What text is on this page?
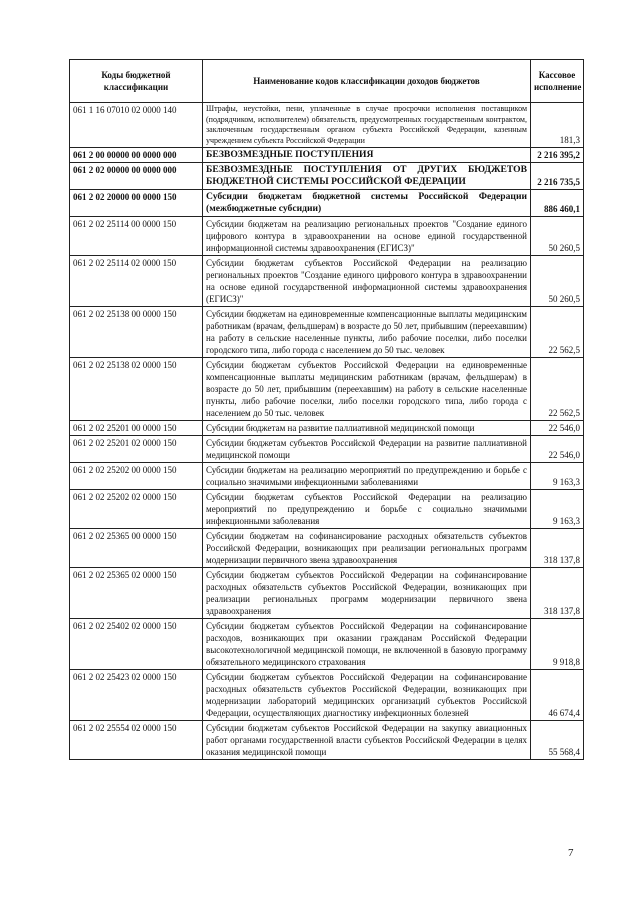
Коды бюджетной классификации	Наименование кодов классификации доходов бюджетов	Кассовое исполнение
061 1 16 07010 02 0000 140	Штрафы, неустойки, пени, уплаченные в случае просрочки исполнения поставщиком (подрядчиком, исполнителем) обязательств, предусмотренных государственным контрактом, заключенным государственным органом субъекта Российской Федерации, казенным учреждением субъекта Российской Федерации	181,3
061 2 00 00000 00 0000 000	БЕЗВОЗМЕЗДНЫЕ ПОСТУПЛЕНИЯ	2 216 395,2
061 2 02 00000 00 0000 000	БЕЗВОЗМЕЗДНЫЕ ПОСТУПЛЕНИЯ ОТ ДРУГИХ БЮДЖЕТОВ БЮДЖЕТНОЙ СИСТЕМЫ РОССИЙСКОЙ ФЕДЕРАЦИИ	2 216 735,5
061 2 02 20000 00 0000 150	Субсидии бюджетам бюджетной системы Российской Федерации (межбюджетные субсидии)	886 460,1
061 2 02 25114 00 0000 150	Субсидии бюджетам на реализацию региональных проектов "Создание единого цифрового контура в здравоохранении на основе единой государственной информационной системы здравоохранения (ЕГИСЗ)"	50 260,5
061 2 02 25114 02 0000 150	Субсидии бюджетам субъектов Российской Федерации на реализацию региональных проектов "Создание единого цифрового контура в здравоохранении на основе единой государственной информационной системы здравоохранения (ЕГИСЗ)"	50 260,5
061 2 02 25138 00 0000 150	Субсидии бюджетам на единовременные компенсационные выплаты медицинским работникам (врачам, фельдшерам) в возрасте до 50 лет, прибывшим (переехавшим) на работу в сельские населенные пункты, либо рабочие поселки, либо поселки городского типа, либо города с населением до 50 тыс. человек	22 562,5
061 2 02 25138 02 0000 150	Субсидии бюджетам субъектов Российской Федерации на единовременные компенсационные выплаты медицинским работникам (врачам, фельдшерам) в возрасте до 50 лет, прибывшим (переехавшим) на работу в сельские населенные пункты, либо рабочие поселки, либо поселки городского типа, либо города с населением до 50 тыс. человек	22 562,5
061 2 02 25201 00 0000 150	Субсидии бюджетам на развитие паллиативной медицинской помощи	22 546,0
061 2 02 25201 02 0000 150	Субсидии бюджетам субъектов Российской Федерации на развитие паллиативной медицинской помощи	22 546,0
061 2 02 25202 00 0000 150	Субсидии бюджетам на реализацию мероприятий по предупреждению и борьбе с социально значимыми инфекционными заболеваниями	9 163,3
061 2 02 25202 02 0000 150	Субсидии бюджетам субъектов Российской Федерации на реализацию мероприятий по предупреждению и борьбе с социально значимыми инфекционными заболевания	9 163,3
061 2 02 25365 00 0000 150	Субсидии бюджетам на софинансирование расходных обязательств субъектов Российской Федерации, возникающих при реализации региональных программ модернизации первичного звена здравоохранения	318 137,8
061 2 02 25365 02 0000 150	Субсидии бюджетам субъектов Российской Федерации на софинансирование расходных обязательств субъектов Российской Федерации, возникающих при реализации региональных программ модернизации первичного звена здравоохранения	318 137,8
061 2 02 25402 02 0000 150	Субсидии бюджетам субъектов Российской Федерации на софинансирование расходов, возникающих при оказании гражданам Российской Федерации высокотехнологичной медицинской помощи, не включенной в базовую программу обязательного медицинского страхования	9 918,8
061 2 02 25423 02 0000 150	Субсидии бюджетам субъектов Российской Федерации на софинансирование расходных обязательств субъектов Российской Федерации, возникающих при модернизации лабораторий медицинских организаций субъектов Российской Федерации, осуществляющих диагностику инфекционных болезней	46 674,4
061 2 02 25554 02 0000 150	Субсидии бюджетам субъектов Российской Федерации на закупку авиационных работ органами государственной власти субъектов Российской Федерации в целях оказания медицинской помощи	55 568,4
7
